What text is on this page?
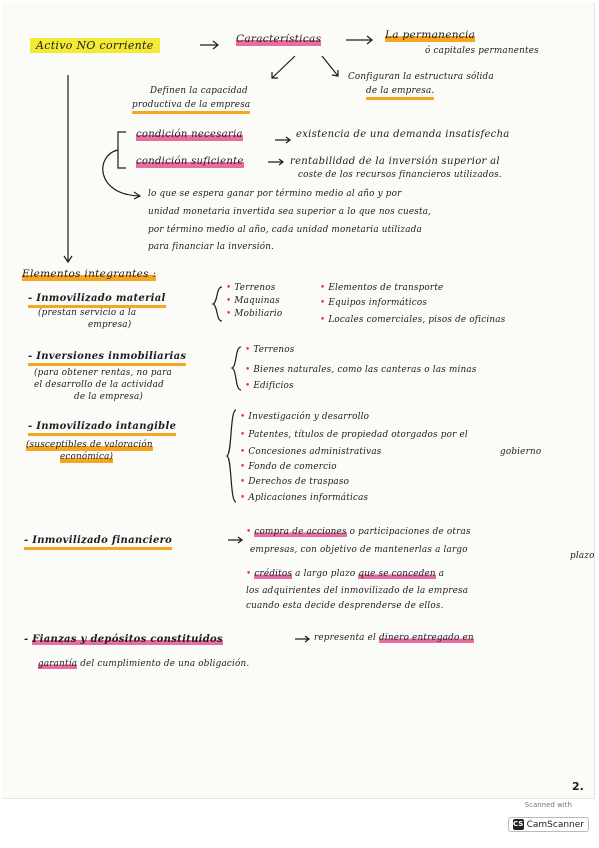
Activo NO corriente	Características	La permanencia
ó capitales permanentes
Definen la capacidad
productiva de la empresa
Configuran la estructura sólida
de la empresa.
condición necesaria	existencia de una demanda insatisfecha
condición suficiente	rentabilidad de la inversión superior al
coste de los recursos financieros utilizados.
lo que se espera ganar por término medio al año y por
unidad monetaria invertida sea superior a lo que nos cuesta,
por término medio al año, cada unidad monetaria utilizada
para financiar la inversión.
Elementos integrantes :
- Inmovilizado material
(prestan servicio a la
empresa)
• Terrenos
• Maquinas
• Mobiliario
• Elementos de transporte
• Equipos informáticos
• Locales comerciales, pisos de oficinas
- Inversiones inmobiliarias
(para obtener rentas, no para
el desarrollo de la actividad
de la empresa)
• Terrenos
• Bienes naturales, como las canteras o las minas
• Edificios
- Inmovilizado intangible
(susceptibles de valoración
económica)
• Investigación y desarrollo
• Patentes, títulos de propiedad otorgados por el
gobierno
• Concesiones administrativas
• Fondo de comercio
• Derechos de traspaso
• Aplicaciones informáticas
- Inmovilizado financiero
• compra de acciones o participaciones de otras
empresas, con objetivo de mantenerlas a largo
plazo
• créditos a largo plazo que se conceden a
los adquirientes del inmovilizado de la empresa
cuando esta decide desprenderse de ellos.
- Fianzas y depósitos constituidos	representa el dinero entregado en
garantía del cumplimiento de una obligación.
2.
Scanned with
CS CamScanner
